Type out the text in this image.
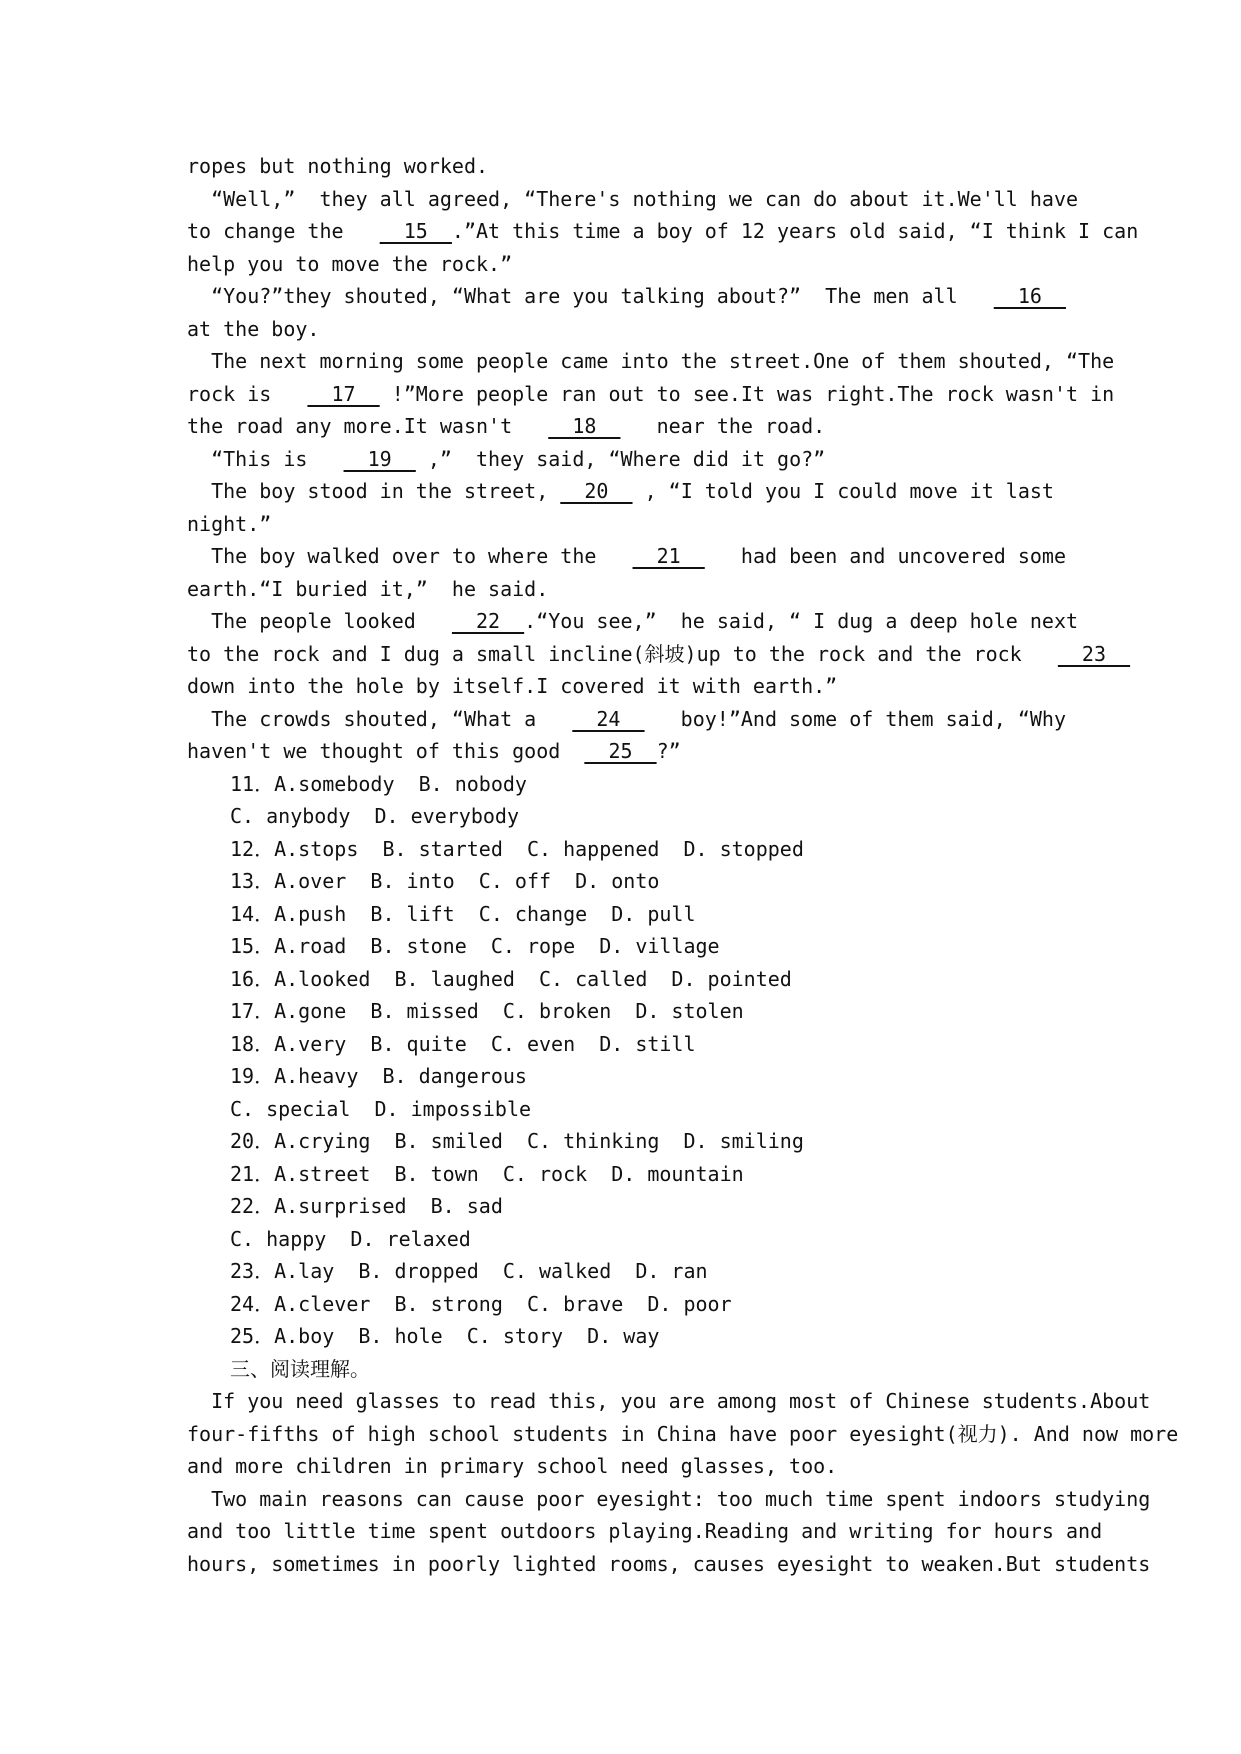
ropes but nothing worked.
“Well,”  they all agreed, “There's nothing we can do about it.We'll have
to change the     15  .”At this time a boy of 12 years old said, “I think I can
help you to move the rock.”
“You?”they shouted, “What are you talking about?”  The men all     16
at the boy.
The next morning some people came into the street.One of them shouted, “The
rock is     17   !”More people ran out to see.It was right.The rock wasn't in
the road any more.It wasn't     18     near the road.
“This is     19   ,”  they said, “Where did it go?”
The boy stood in the street,   20   , “I told you I could move it last
night.”
The boy walked over to where the     21     had been and uncovered some
earth.“I buried it,”  he said.
The people looked     22  .“You see,”  he said, “ I dug a deep hole next
to the rock and I dug a small incline(斜坡)up to the rock and the rock     23
down into the hole by itself.I covered it with earth.”
The crowds shouted, “What a     24     boy!”And some of them said, “Why
haven't we thought of this good    25  ?”
11．A.somebody  B. nobody
C. anybody  D. everybody
12．A.stops  B. started  C. happened  D. stopped
13．A.over  B. into  C. off  D. onto
14．A.push  B. lift  C. change  D. pull
15．A.road  B. stone  C. rope  D. village
16．A.looked  B. laughed  C. called  D. pointed
17．A.gone  B. missed  C. broken  D. stolen
18．A.very  B. quite  C. even  D. still
19．A.heavy  B. dangerous
C. special  D. impossible
20．A.crying  B. smiled  C. thinking  D. smiling
21．A.street  B. town  C. rock  D. mountain
22．A.surprised  B. sad
C. happy  D. relaxed
23．A.lay  B. dropped  C. walked  D. ran
24．A.clever  B. strong  C. brave  D. poor
25．A.boy  B. hole  C. story  D. way
三、阅读理解。
If you need glasses to read this, you are among most of Chinese students.About
four-fifths of high school students in China have poor eyesight(视力). And now more
and more children in primary school need glasses, too.
Two main reasons can cause poor eyesight: too much time spent indoors studying
and too little time spent outdoors playing.Reading and writing for hours and
hours, sometimes in poorly lighted rooms, causes eyesight to weaken.But students
